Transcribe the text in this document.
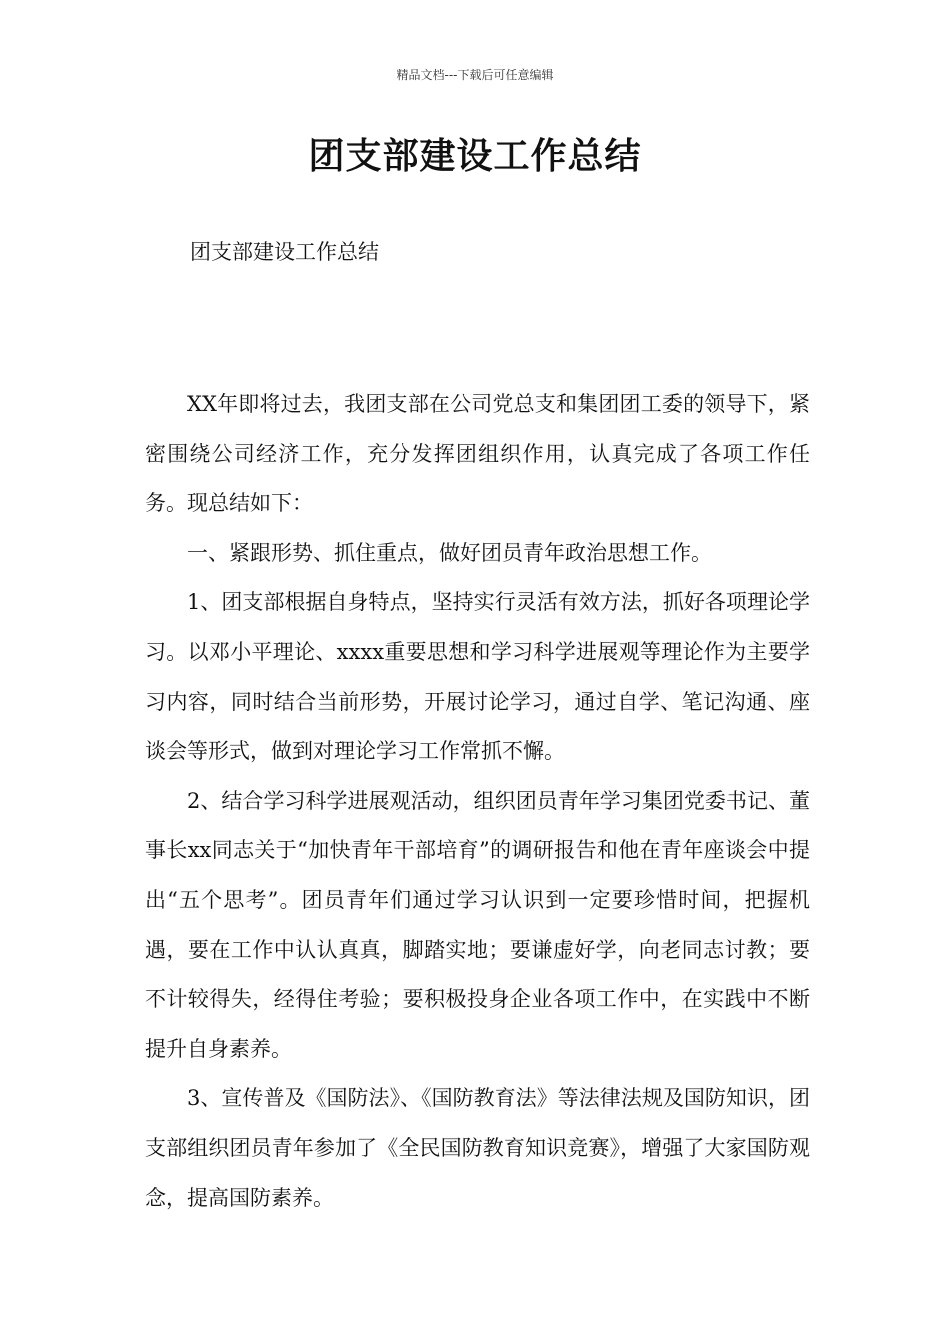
精品文档---下载后可任意编辑
团支部建设工作总结
团支部建设工作总结

XX年即将过去，我团支部在公司党总支和集团团工委的领导下，紧密围绕公司经济工作，充分发挥团组织作用，认真完成了各项工作任务。现总结如下：

一、紧跟形势、抓住重点，做好团员青年政治思想工作。

1、团支部根据自身特点，坚持实行灵活有效方法，抓好各项理论学习。以邓小平理论、xxxx重要思想和学习科学进展观等理论作为主要学习内容，同时结合当前形势，开展讨论学习，通过自学、笔记沟通、座谈会等形式，做到对理论学习工作常抓不懈。

2、结合学习科学进展观活动，组织团员青年学习集团党委书记、董事长xx同志关于“加快青年干部培育”的调研报告和他在青年座谈会中提出“五个思考”。团员青年们通过学习认识到一定要珍惜时间，把握机遇，要在工作中认认真真，脚踏实地；要谦虚好学，向老同志讨教；要不计较得失，经得住考验；要积极投身企业各项工作中，在实践中不断提升自身素养。

3、宣传普及《国防法》、《国防教育法》等法律法规及国防知识，团支部组织团员青年参加了《全民国防教育知识竞赛》，增强了大家国防观念，提高国防素养。
